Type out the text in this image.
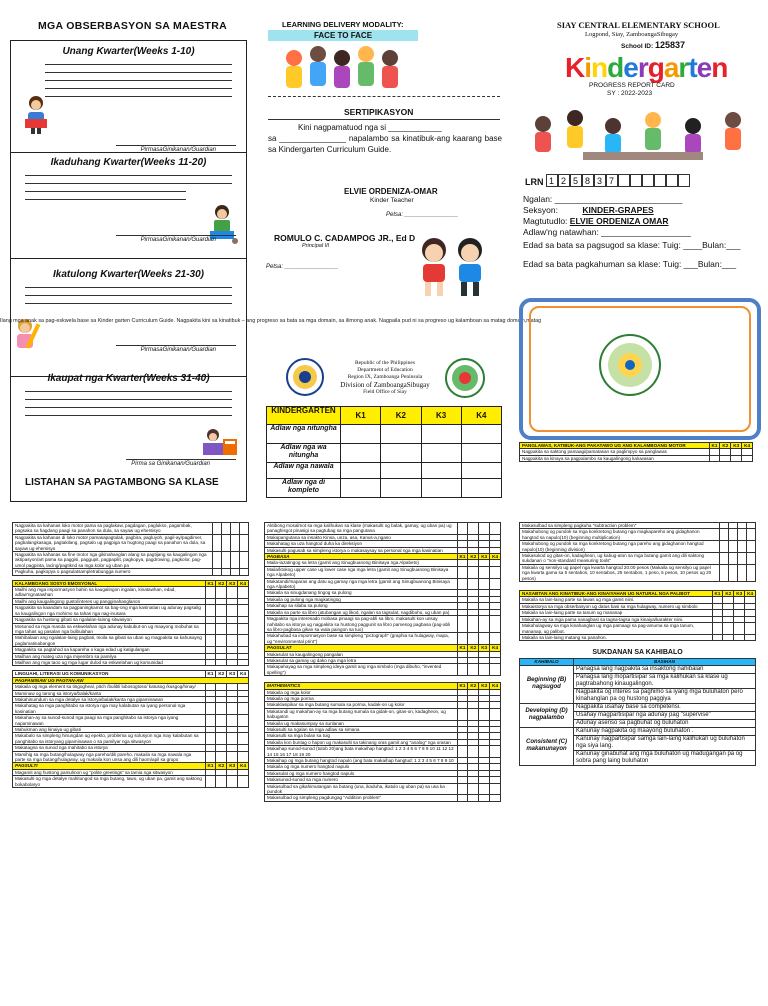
MGA OBSERBASYON SA MAESTRA
Unang Kwarter(Weeks 1-10)
PirmasaGinikanan/Guardian
Ikaduhang Kwarter(Weeks 11-20)
PirmasaGinikanan/Guardian
Ikatulong Kwarter(Weeks 21-30)
PirmasaGinikanan/Guardian
Ikaupat nga Kwarter(Weeks 31-40)
Pirma sa Ginikanan/Guardian
LISTAHAN SA PAGTAMBONG SA KLASE
LEARNING DELIVERY MODALITY:
FACE TO FACE
SERTIPIKASYON
Kini nagpamatuod nga si ____________
sa _______________ napalambo sa kinatibuk-ang kaarang base sa Kindergarten Curriculum Guide.
ELVIE ORDENIZA-OMAR
Kinder Teacher
Petsa: ________________
ROMULO C. CADAMPOG JR., Ed D
Principal III
Petsa: ________________
Republic of the Philippines
Department of Education
Region IX, Zamboanga Peninsula
Division of ZamboangaSibugay
Field Office of Siay
KINDERGARTEN	K1	K2	K3	K4
Adlaw nga nitungha				
Adlaw nga wa nitungha				
Adlaw nga nawala				
Adlaw nga di kompleto				
Ilang mga anak sa pag-eskwela base sa Kinder garten Curriculum Guide. Nagpakita kini sa kinatibuk – ang progreso sa bata sa mga domain, sa ilimong anak. Nagpaila pud ni sa progreso ug kalamboan sa matag domain,matag
SIAY CENTRAL ELEMENTARY SCHOOL
Logpond, Siay, ZamboangaSibugay
School ID: 125837
Kindergarten
PROGRESS REPORT CARD
SY : 2022-2023
LRN 1 2 5 8 3 7
Ngalan: ___________________________
Seksyon:	KINDER-GRAPES
Magtutudlo: ELVIE ORDENIZA OMAR
Adlaw'ng natawhan: ___________________
Edad sa bata sa pagsugod sa klase: Tuig: ____Bulan:___
Edad sa bata pagkahuman sa klase: Tuig: ___Bulan:___
PANGLAWAS, KATIBUK-ANG PAKATAWO UG ANG KALAMBOANG MOTOR	K1	K2	K3	K4
Nagpakita sa saktong pamaagi/pamatasan sa paglimpyo sa panglawas				
Nagpakita sa kinaya sa pagpalambo sa kaugalingong kaluwasan				
Nagpakita sa kahanas loko motor pama sa paglakaw, pagdagan, paglukso, pagambak, pagsaka sa hagdang paagi sa panahon sa dula, sa sayaw ug ehersisyo				
Nagpakita sa kahanas di loko motor pamasapagtulak, pagbira, pagluyoh, pagil-ay/pagdimer, pagbalangkasaga, pagtakilang, pagsalo ug pagpiga sa hugtong paagi sa panahon sa dula, sa sayaw ug ehersisyo				
Nagpakita sa kahanas sa fine motor nga gikinahanglan alang sa pagtijang sa kaugalingon nga aktipasyon/art pama sa paggisi, paggupit, pagpapilit, pagkopya, pagdrowing, pagkolor, pag-umol pagpinta, lacing/pagtiknd sa mga kolor ug uban pa				
Pagkuha, pagkopya o pagsulatsampletrabungga numero				
KALAMBOANG SOSYO EMOSYONAL	K1	K2	K3	K4
Mailhi ang mga impormasyon bahin sa kaugalingon ingalan, kinatawhan, edad, adlaw'ngnatawhan				
Mailhi ang kaugalingong gusto/interes ug pangginahanglanon				
Nagpakita sa kaandam sa pagpaningkamot sa bag-ong mga kasinatian ug adunay pagsalig sa kaugalingon nga mohimo sa tahas nga nag-inusara				
Nagpakita sa hustong gibati sa ngalalan-lainng sitwasyon				
Mosunod sa mga manda sa eskwelahan nga adunay kabubut-on ug maayong mobuhat sa mga tahas ug pasalan nga bulbulahan				
Mahibalaan ang ngalalan-laing pagbati, moila sa gibati sa uban ug magpakita sa kahusayng paglamatinabangon				
Magpakita sa pagtahod sa kapareha o kaga edad ug katigulangan				
Mailhan ang mateg uza nga miyembro sa pamilya				
Mailhan ang mga taoo ug mga lugar dulod sa eskwelahan ug komunidad				
LINGUAHI, LITERASI UG KOMUNIKASYON	K1	K2	K3	K4
PAGPAMINAW UG PAGTAN-AW				
Makaila og mga element sa tingogheal, pitch /bulibli lubosogtoso/ katusog /kusgog/hinay/				
Maminaw og tarong sa istorya/balak/kanta				
Makahinumdum sa mga detalye sa istorya/balak/kanta nga gipaminawan				
Makahatag sa mga panghitabo sa istorya nga may kalabutan sa iyang personal nga kasinatian				
Makahan-ay sa sunod-sunod nga paagi sa mga panghitabo sa istorya nga iyang napaminawan				
Mahukman ang kinaiya ug gibati				
Makabalo sa simpleng hinungdan ug epekto, problema ug solusyon nga may kalabutan sa panghitabo sa istoryang gipaminawan o sa pamilyar nga sitwasyon				
Makatagna sa sunod nga mahitabo sa istorya				
Mamihig sa mga butang/hulagway nga pareho/dili pareho, makaila sa mga nawala nga parte sa mga butang/hulagway, ug makaila kon unsa ang dili haom/apil sa grupo				
PAGSULTI	K1	K2	K3	K4
Magamit ang hustong pamulinon ug "polite greetings" sa tamia nga sitwasyon				
Makasulti og mga detalye mahitungod sa mga butang, tawo, ug uban pa, gamit ang saktong bokabolaryo				
Aktibong mosalmot sa mga kalihukan sa klase (makasulti og balak, gamay, ug uban pa) ug panaghisgot pinasigi sa pagtubag sa mga pangutana				
Makapangutana sa insakto Kinsa, unza, asa, Kanus-a,ngano				
Makahatag sa uza hangtod duha ka direksiyon				
Makasulti pagusab sa simpleng istorya o makasaysay sa personal nga mga kasinatian				
PAGBASA	K1	K2	K3	K4
Maila-lazatingog sa letra (gamit ang Sinugbuanong Binisaya nga Alpabeto)				
Maila/ktokog upper case ug lower case nga mga letra (gamit ang Sinugbuanong Binisaya nga Alpabeto)				
Makatandi/maparas ang datu ug gamay nga mga letra (gamit ang Sinugbuanong Binisaya nga Alpabeto)				
Makaila sa sinugdanang tingog sa pulong				
Makaila og pulong nga magkatingog				
Makaihap sa silaba sa pulong				
Makaila sa parte sa libro (atubangan ug likod, ngalan sa tagsulat, nagdibuho, ug uban pa)				
Magpakita nga interesado mobasa pinaagi sa pag-abli sa libro, makasulti kon unsay nahitabo sa istorya ug nagpakita sa hustong paggunit sa libro pamesog pagbasa (pag-abli sa libro-pagbasa gikan sa wala paingon sa tuo)				
Makahubad sa impormasyon base sa simpleng "pictograph" (graphia sa hulagway, mapa, ug "environmental print")				
PAGSULAT	K1	K2	K3	K4
Makasulat sa kaugalingong pangalan				
Makasulat sa gamay ug dako nga mga letra				
Makapahayag sa mga simpleng ideya gamit ang mga simbolo (mga dibuho, "invented spelling")				
MATHEMATICS	K1	K2	K3	K4
Makaila og mga kolor				
Makaila og mga porma				
Makaklasipikar sa mga butang sumala sa porma, kadak-on ug kolor				
Makatandi ug makahan-ay sa mga butang sumala sa gidak-on, gitas-on, kadagheon, ug kabugaton				
Makaila ug makasumpay sa sunlanan				
Makasulti sa ngalan sa mga adlaw sa simana				
Makasulti sa mga bulan sa tuig				
Makaila kon buntag o hapon ug makasulti sa takinang oras gamit ang "analog" nga orasan				
Makaihap sunod-sunod (tutob 20)ang bata makaihap hangtod: 1 2 3 4 5 6 7 8 9 10 11 12 13 14 15 16 17 18 19 20				
Makaihap og mga butang hangtod napulo (ang bata makaihap hangtud: 1 2 3 4 5 6 7 8 9 10				
Makaila og mga numero hangtod napulo				
Makasulat og mga numero hangtod napulo				
Makasunod-sunod sa mga numero				
Makasulbad sa gikahimutangan sa butang (una, ikaduha, ikatulo ug uban pa) sa usa ka pundok				
Makasulbad og simpleng pagdungag "Addition problem"				
Makasulbad sa simpleng pagkuha "subtraction problem"				
Makahubong og pundok sa mga konkretong butang nga magkapareho ang gidaghanon hangtod sa napulo(10) (beginning multiplication)				
Makahubong og pundok sa mga konkretong butang nga pareho ang gidaghanon hangtod napulo(10) (beginning division)				
Makasukod og gitas-on, kadagheon, ug kabug-aton sa mga butang gamit ang dili saktong sukdanan o "non-standard measuring tools"				
Makaila og sensilyo ug papel nga kwarta hangtod 20.00 pesos (Makaila og sensilyo ug papel nga kwarta gama sa 5 sentabos, 10 sentabos, 25 sentabos, 1 peso, 5 pesos, 10 pesos ug 20 pesos)				
NASABTAN ANG KINATIBUK-ANG KINAIYAHAN UG NATURAL NGA PALIBOT	K1	K2	K3	K4
Makaila sa lain-laing parte sa lawas ug mga gamit niini.				
Makaistorya sa mga obserbasyon ug datus basi sa mga hulagway, numero ug simbolo				
Makaila sa lain-laing parte sa tanum ug mananap				
Makahan-ay sa mga pama nanagbasi sa tagsa-tagsa nga kinaiya/karakter niini.				
Makahulagway sa mga kinahanglan ug mga pamaagi sa pag-amuma sa mga tanum, mananap, ug palibot.				
Makaila sa lain-laing matang sa panahon.				
SUKDANAN SA KAHIBALO
KAHIBALO	BASIHAN
Beginning (B) nagsugod	Panagsa lang nagpakita sa insaktong nahibalan
	Panagsa lang mopartisipar sa mga kalihukan sa klase ug pagtrabahong kinaugalingon.
	Nagpakita og interes sa paghimo sa iyang mga buluhaton pero kinahanglan pa og hustong paggiya
Developing (D) nagpalambo	Nagpakita usahay base sa competensi.
	Usahay magpartisipar nga adunay pag "supervise"
	Adunay asenso sa pagbuhat og buluhaton
Consistent (C) makanunayon	Kanunay nagpakita og maayong buluhaton .
	Kanunay nagpartisipar samga lain-laing kalihukan ug buluhaton nga siya lang.
	Kanunay ginabuhat ang mga buluhaton ug madugangan pa og sobra pang laing buluhaton
